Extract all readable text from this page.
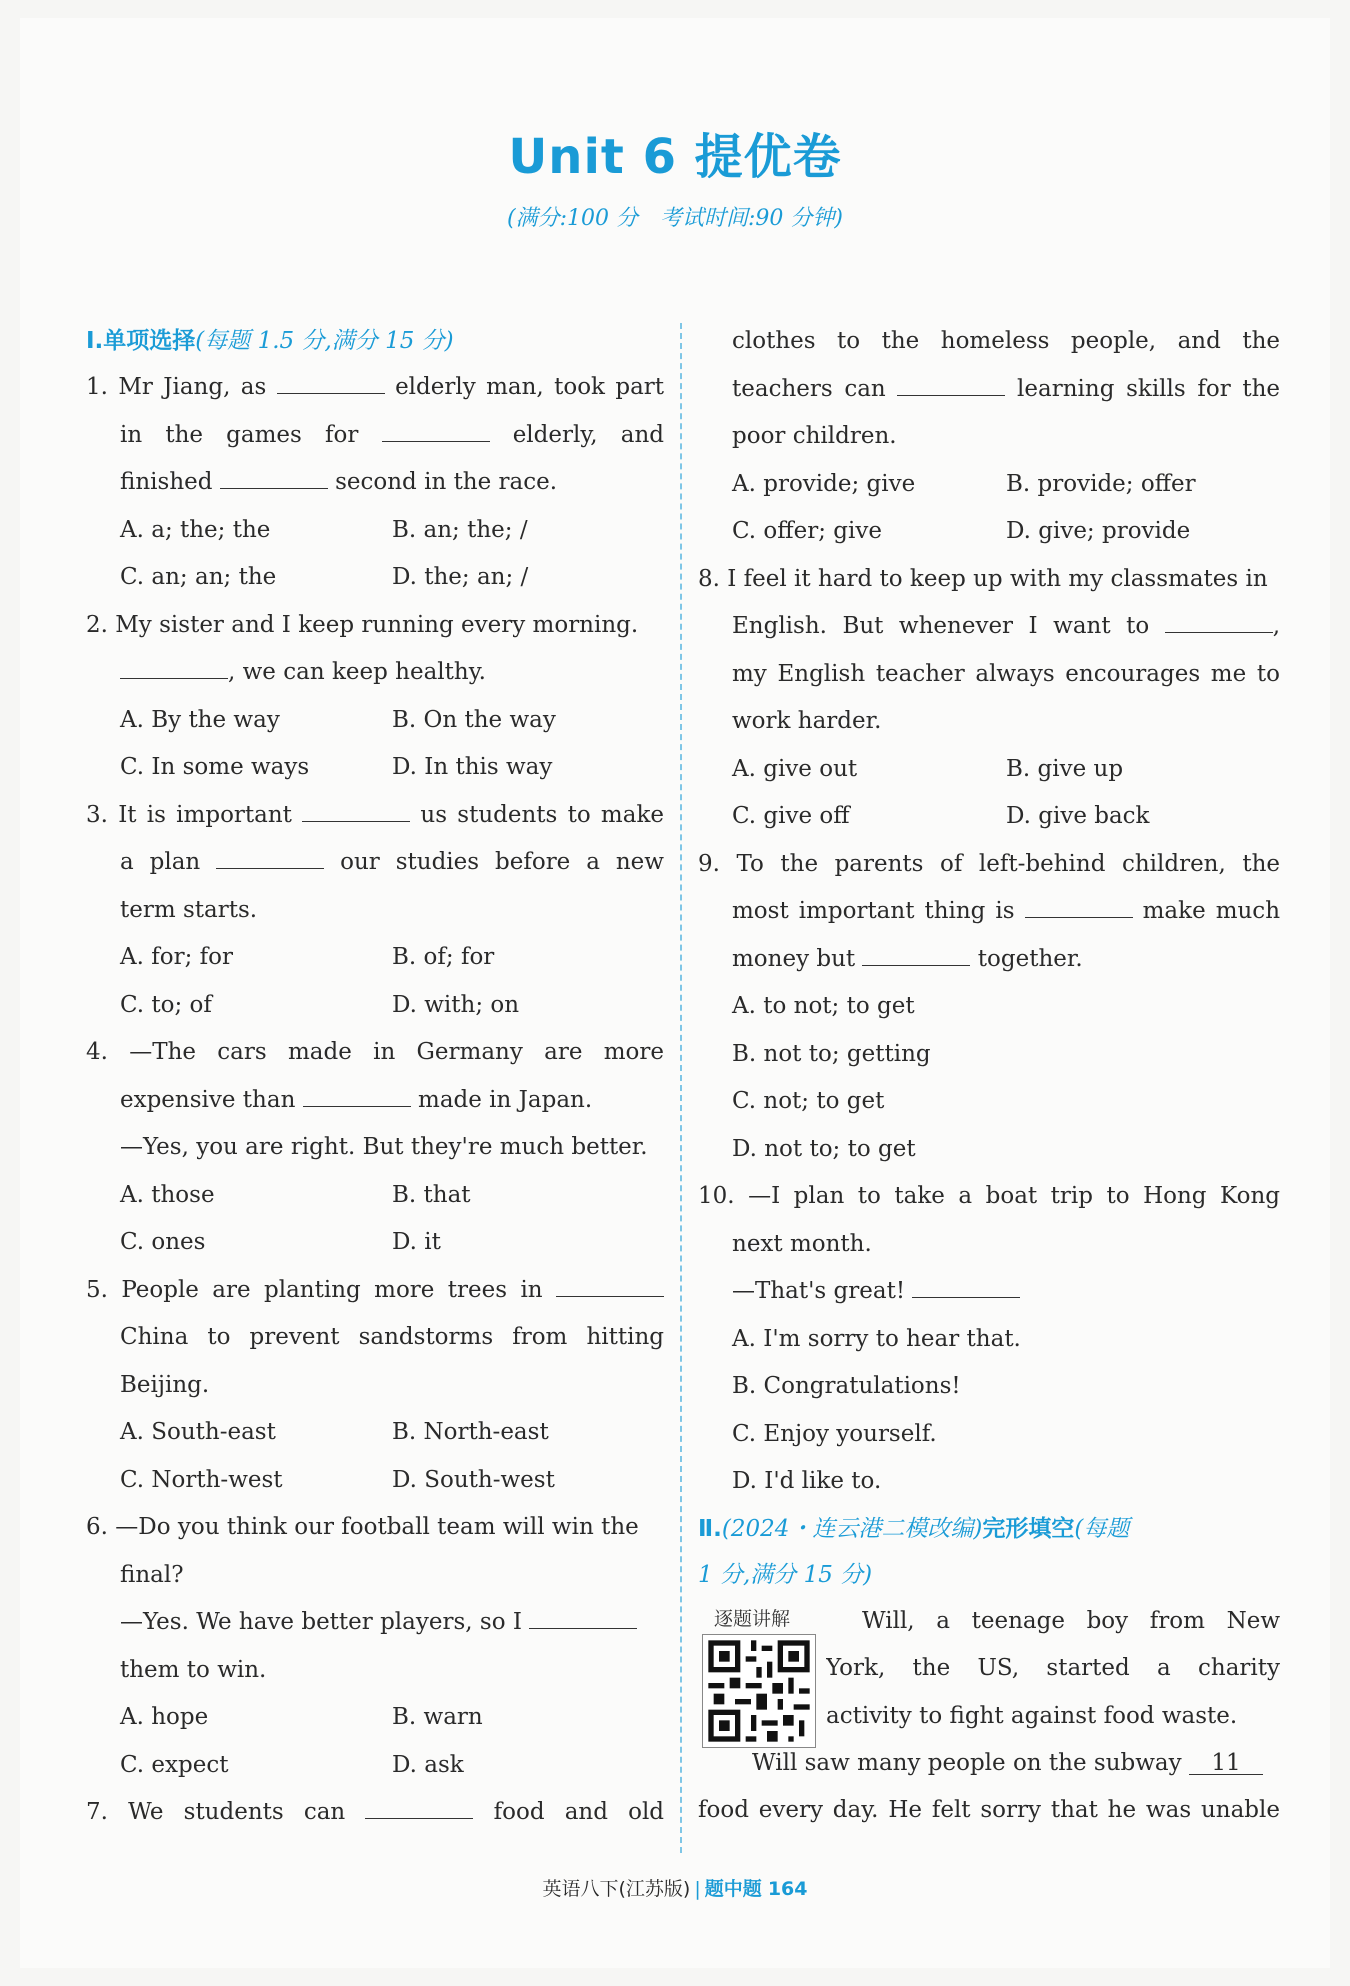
Unit 6 提优卷
(满分:100 分　考试时间:90 分钟)
Ⅰ.单项选择(每题 1.5 分,满分 15 分)
1. Mr Jiang, as	elderly man, took part
in the games for	elderly, and
finished	second in the race.
A. a; the; the	B. an; the; /
C. an; an; the	D. the; an; /
2. My sister and I keep running every morning.
, we can keep healthy.
A. By the way	B. On the way
C. In some ways	D. In this way
3. It is important	us students to make
a plan	our studies before a new
term starts.
A. for; for	B. of; for
C. to; of	D. with; on
4. —The cars made in Germany are more
expensive than	made in Japan.
—Yes, you are right. But they're much better.
A. those	B. that
C. ones	D. it
5. People are planting more trees in
China to prevent sandstorms from hitting
Beijing.
A. South-east	B. North-east
C. North-west	D. South-west
6. —Do you think our football team will win the
final?
—Yes. We have better players, so I
them to win.
A. hope	B. warn
C. expect	D. ask
7. We students can	food and old
clothes to the homeless people, and the
teachers can	learning skills for the
poor children.
A. provide; give	B. provide; offer
C. offer; give	D. give; provide
8. I feel it hard to keep up with my classmates in
English. But whenever I want to	,
my English teacher always encourages me to
work harder.
A. give out	B. give up
C. give off	D. give back
9. To the parents of left-behind children, the
most important thing is	make much
money but	together.
A. to not; to get
B. not to; getting
C. not; to get
D. not to; to get
10. —I plan to take a boat trip to Hong Kong
next month.
—That's great!
A. I'm sorry to hear that.
B. Congratulations!
C. Enjoy yourself.
D. I'd like to.
Ⅱ.(2024・连云港二模改编)完形填空(每题
1 分,满分 15 分)
逐题讲解	Will, a teenage boy from New
York, the US, started a charity
activity to fight against food waste.
Will saw many people on the subway 11
food every day. He felt sorry that he was unable
英语八下(江苏版) | 题中题 164
